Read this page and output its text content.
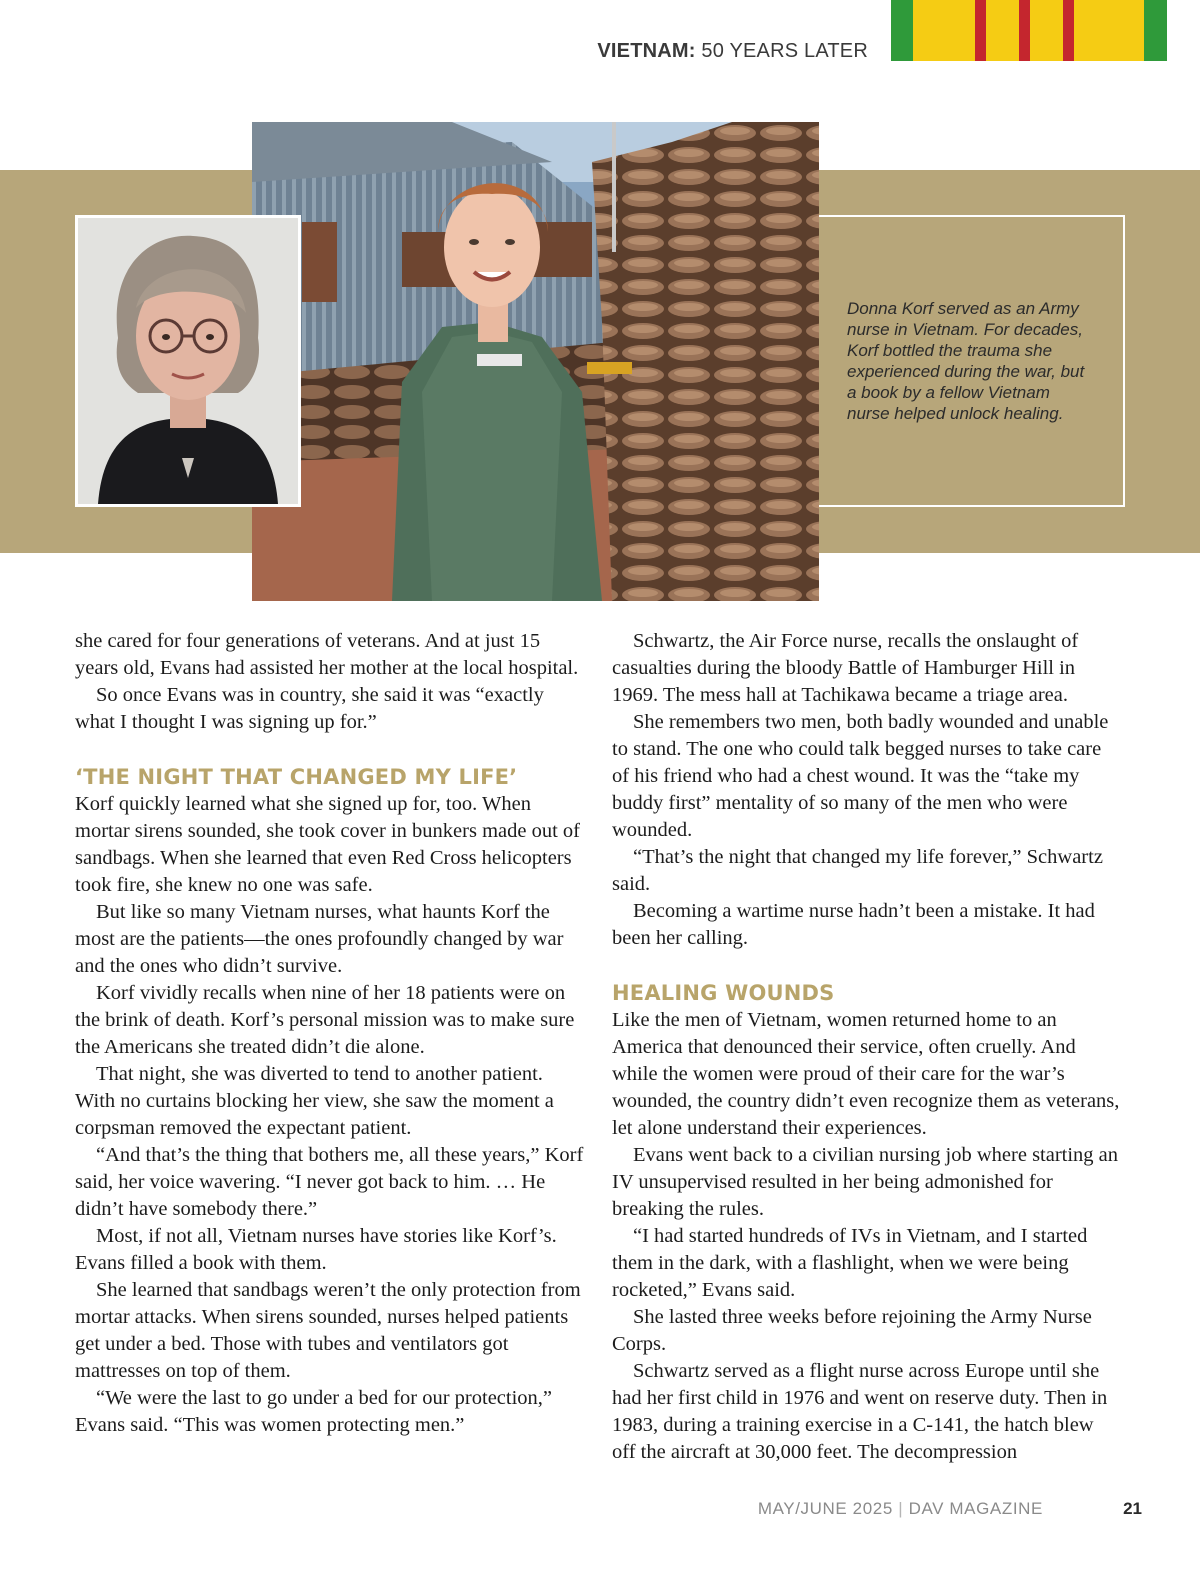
VIETNAM: 50 YEARS LATER
Donna Korf served as an Army nurse in Vietnam. For decades, Korf bottled the trauma she experienced during the war, but a book by a fellow Vietnam nurse helped unlock healing.

she cared for four generations of veterans. And at just 15 years old, Evans had assisted her mother at the local hospital.

So once Evans was in country, she said it was “exactly what I thought I was signing up for.”

‘THE NIGHT THAT CHANGED MY LIFE’

Korf quickly learned what she signed up for, too. When mortar sirens sounded, she took cover in bunkers made out of sandbags. When she learned that even Red Cross helicopters took fire, she knew no one was safe.

But like so many Vietnam nurses, what haunts Korf the most are the patients—the ones profoundly changed by war and the ones who didn’t survive.

Korf vividly recalls when nine of her 18 patients were on the brink of death. Korf’s personal mission was to make sure the Americans she treated didn’t die alone.

That night, she was diverted to tend to another patient. With no curtains blocking her view, she saw the moment a corpsman removed the expectant patient.

“And that’s the thing that bothers me, all these years,” Korf said, her voice wavering. “I never got back to him. … He didn’t have somebody there.”

Most, if not all, Vietnam nurses have stories like Korf’s. Evans filled a book with them.

She learned that sandbags weren’t the only protection from mortar attacks. When sirens sounded, nurses helped patients get under a bed. Those with tubes and ventilators got mattresses on top of them.

“We were the last to go under a bed for our protection,” Evans said. “This was women protecting men.”

Schwartz, the Air Force nurse, recalls the onslaught of casualties during the bloody Battle of Hamburger Hill in 1969. The mess hall at Tachikawa became a triage area.

She remembers two men, both badly wounded and unable to stand. The one who could talk begged nurses to take care of his friend who had a chest wound. It was the “take my buddy first” mentality of so many of the men who were wounded.

“That’s the night that changed my life forever,” Schwartz said.

Becoming a wartime nurse hadn’t been a mistake. It had been her calling.

HEALING WOUNDS

Like the men of Vietnam, women returned home to an America that denounced their service, often cruelly. And while the women were proud of their care for the war’s wounded, the country didn’t even recognize them as veterans, let alone understand their experiences.

Evans went back to a civilian nursing job where starting an IV unsupervised resulted in her being admonished for breaking the rules.

“I had started hundreds of IVs in Vietnam, and I started them in the dark, with a flashlight, when we were being rocketed,” Evans said.

She lasted three weeks before rejoining the Army Nurse Corps.

Schwartz served as a flight nurse across Europe until she had her first child in 1976 and went on reserve duty. Then in 1983, during a training exercise in a C-141, the hatch blew off the aircraft at 30,000 feet. The decompression

MAY/JUNE 2025 | DAV MAGAZINE	21
